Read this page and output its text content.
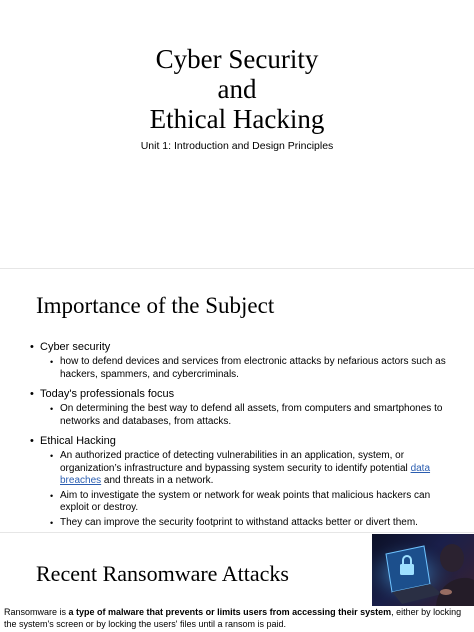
Cyber Security
and
Ethical Hacking
Unit 1: Introduction and Design Principles
Importance of the Subject
• Cyber security
• how to defend devices and services from electronic attacks by nefarious actors such as hackers, spammers, and cybercriminals.
• Today's professionals focus
• On determining the best way to defend all assets, from computers and smartphones to networks and databases, from attacks.
• Ethical Hacking
• An authorized practice of detecting vulnerabilities in an application, system, or organization’s infrastructure and bypassing system security to identify potential data breaches and threats in a network.
• Aim to investigate the system or network for weak points that malicious hackers can exploit or destroy.
• They can improve the security footprint to withstand attacks better or divert them.
Recent Ransomware Attacks
Ransomware is a type of malware that prevents or limits users from accessing their system, either by locking the system's screen or by locking the users' files until a ransom is paid.
